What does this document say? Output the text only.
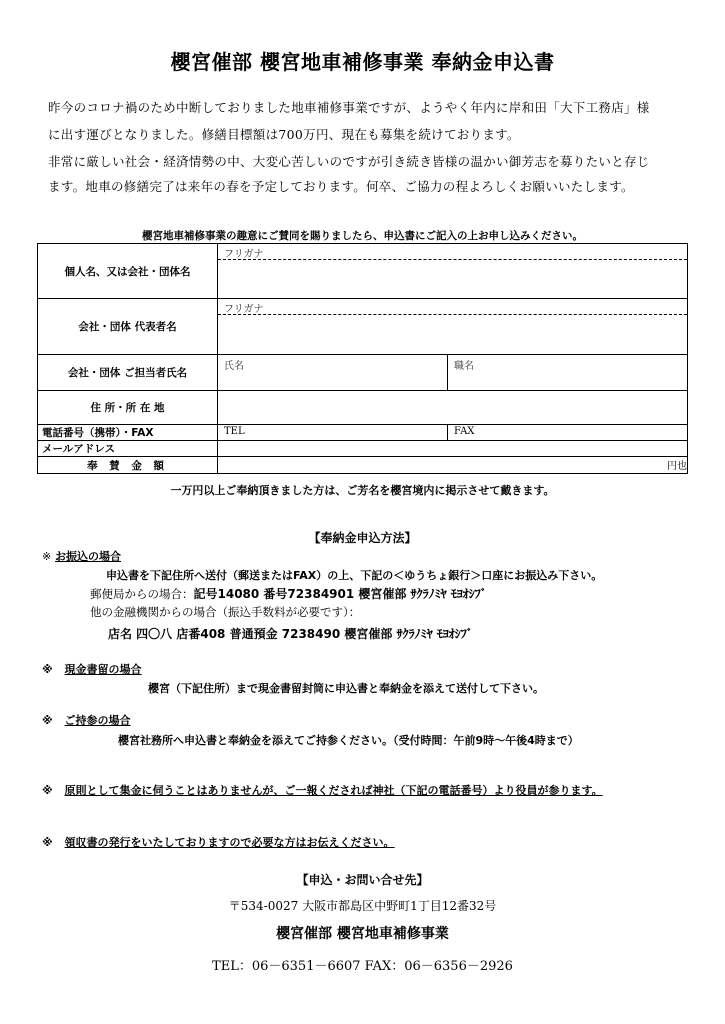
櫻宮催部 櫻宮地車補修事業 奉納金申込書
昨今のコロナ禍のため中断しておりました地車補修事業ですが、ようやく年内に岸和田「大下工務店」様
に出す運びとなりました。修繕目標額は700万円、現在も募集を続けております。
非常に厳しい社会・経済情勢の中、大変心苦しいのですが引き続き皆様の温かい御芳志を募りたいと存じ
ます。地車の修繕完了は来年の春を予定しております。何卒、ご協力の程よろしくお願いいたします。
櫻宮地車補修事業の趣意にご賛同を賜りましたら、申込書にご記入の上お申し込みください。
個人名、又は会社・団体名	フリガナ	

会社・団体 代表者名	フリガナ	

会社・団体 ご担当者氏名	氏名	職名

住 所・所 在 地		
電話番号（携帯）・FAX	TEL	FAX

メールアドレス		
奉 賛 金 額	円也	
一万円以上ご奉納頂きました方は、ご芳名を櫻宮境内に掲示させて戴きます。
【奉納金申込方法】
※ お振込の場合
申込書を下記住所へ送付（郵送またはFAX）の上、下記の＜ゆうちょ銀行＞口座にお振込み下さい。
郵便局からの場合：記号14080 番号72384901 櫻宮催部 ｻｸﾗﾉﾐﾔ ﾓﾖｵｼﾌﾞ
他の金融機関からの場合（振込手数料が必要です）：
店名 四〇八 店番408 普通預金 7238490 櫻宮催部 ｻｸﾗﾉﾐﾔ ﾓﾖｵｼﾌﾞ
※ 現金書留の場合
櫻宮（下記住所）まで現金書留封筒に申込書と奉納金を添えて送付して下さい。
※ ご持参の場合
櫻宮社務所へ申込書と奉納金を添えてご持参ください。（受付時間：午前9時～午後4時まで）
※ 原則として集金に伺うことはありませんが、ご一報くだされば神社（下記の電話番号）より役員が参ります。
※ 領収書の発行をいたしておりますので必要な方はお伝えください。
【申込・お問い合せ先】
〒534-0027 大阪市都島区中野町1丁目12番32号
櫻宮催部 櫻宮地車補修事業
TEL：06－6351－6607 FAX：06－6356－2926
